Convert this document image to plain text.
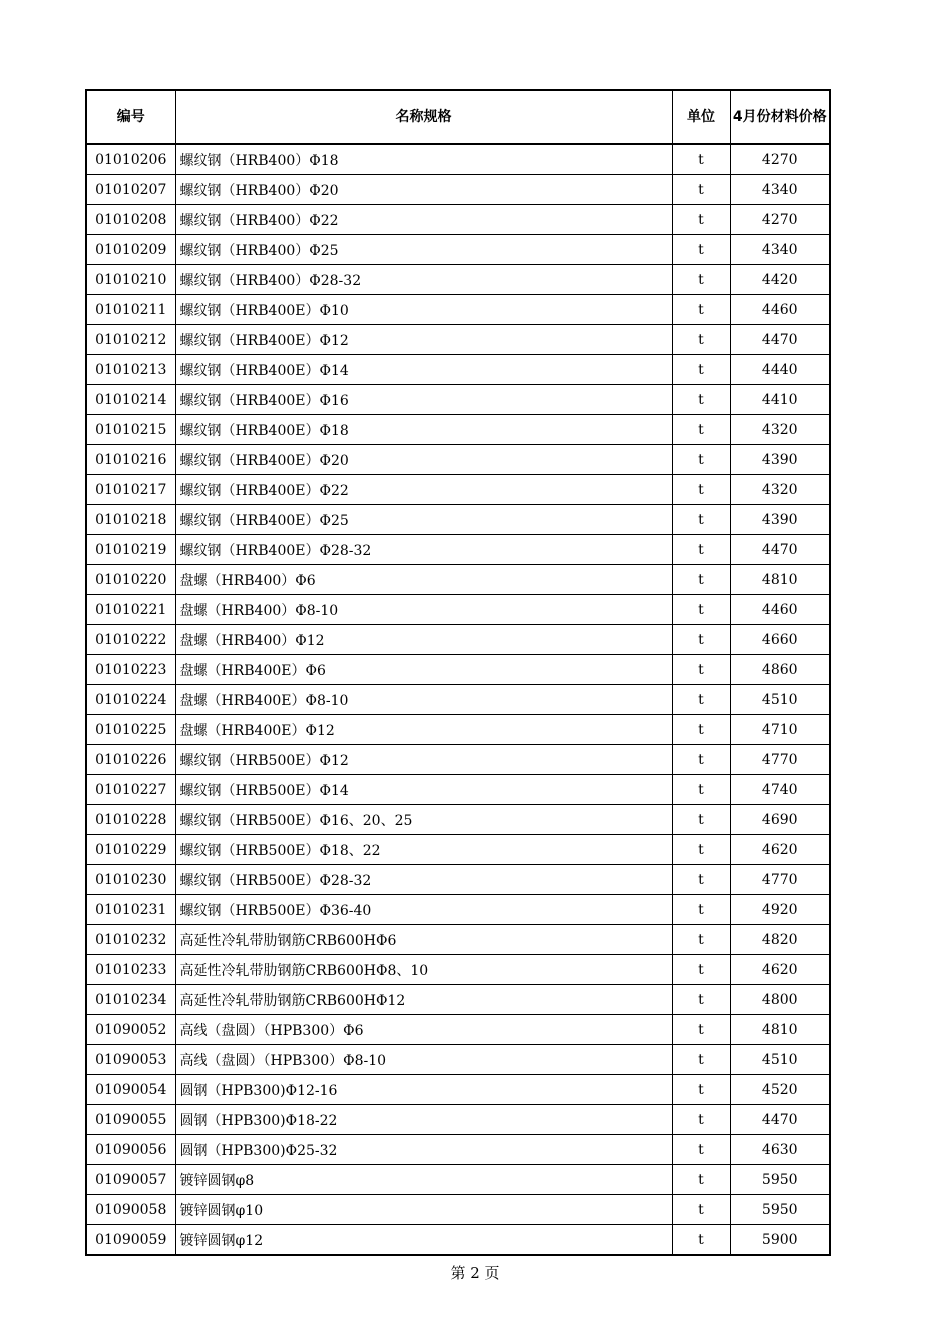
编号	名称规格	单位	4月份材料价格
01010206	螺纹钢（HRB400）Φ18	t	4270
01010207	螺纹钢（HRB400）Φ20	t	4340
01010208	螺纹钢（HRB400）Φ22	t	4270
01010209	螺纹钢（HRB400）Φ25	t	4340
01010210	螺纹钢（HRB400）Φ28-32	t	4420
01010211	螺纹钢（HRB400E）Φ10	t	4460
01010212	螺纹钢（HRB400E）Φ12	t	4470
01010213	螺纹钢（HRB400E）Φ14	t	4440
01010214	螺纹钢（HRB400E）Φ16	t	4410
01010215	螺纹钢（HRB400E）Φ18	t	4320
01010216	螺纹钢（HRB400E）Φ20	t	4390
01010217	螺纹钢（HRB400E）Φ22	t	4320
01010218	螺纹钢（HRB400E）Φ25	t	4390
01010219	螺纹钢（HRB400E）Φ28-32	t	4470
01010220	盘螺（HRB400）Φ6	t	4810
01010221	盘螺（HRB400）Φ8-10	t	4460
01010222	盘螺（HRB400）Φ12	t	4660
01010223	盘螺（HRB400E）Φ6	t	4860
01010224	盘螺（HRB400E）Φ8-10	t	4510
01010225	盘螺（HRB400E）Φ12	t	4710
01010226	螺纹钢（HRB500E）Φ12	t	4770
01010227	螺纹钢（HRB500E）Φ14	t	4740
01010228	螺纹钢（HRB500E）Φ16、20、25	t	4690
01010229	螺纹钢（HRB500E）Φ18、22	t	4620
01010230	螺纹钢（HRB500E）Φ28-32	t	4770
01010231	螺纹钢（HRB500E）Φ36-40	t	4920
01010232	高延性冷轧带肋钢筋CRB600HΦ6	t	4820
01010233	高延性冷轧带肋钢筋CRB600HΦ8、10	t	4620
01010234	高延性冷轧带肋钢筋CRB600HΦ12	t	4800
01090052	高线（盘圆）（HPB300）Φ6	t	4810
01090053	高线（盘圆）（HPB300）Φ8-10	t	4510
01090054	圆钢（HPB300)Φ12-16	t	4520
01090055	圆钢（HPB300)Φ18-22	t	4470
01090056	圆钢（HPB300)Φ25-32	t	4630
01090057	镀锌圆钢φ8	t	5950
01090058	镀锌圆钢φ10	t	5950
01090059	镀锌圆钢φ12	t	5900
第 2 页
